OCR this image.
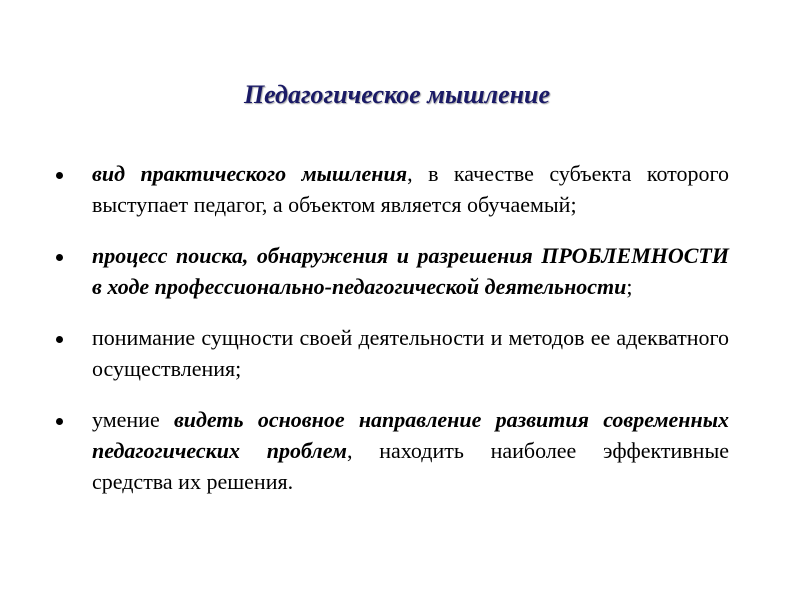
Педагогическое мышление
вид практического мышления, в качестве субъекта которого выступает педагог, а объектом является обучаемый;
процесс поиска, обнаружения и разрешения ПРОБЛЕМНОСТИ в ходе профессионально-педагогической деятельности;
понимание сущности своей деятельности и методов ее адекватного осуществления;
умение видеть основное направление развития современных педагогических проблем, находить наиболее эффективные средства их решения.
